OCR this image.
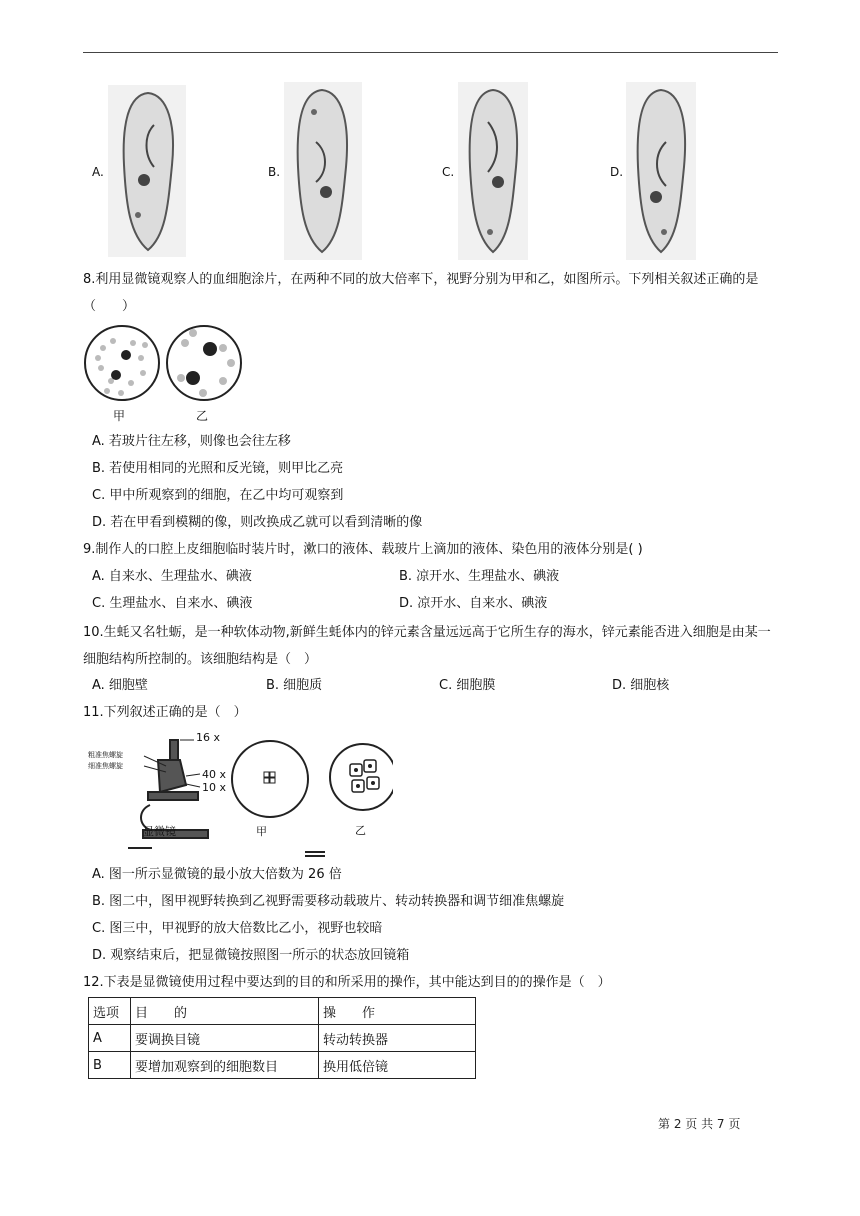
A.	B.	C.	D.
8.利用显微镜观察人的血细胞涂片，在两种不同的放大倍率下，视野分别为甲和乙，如图所示。下列相关叙述正确的是（　　）
甲	乙
A. 若玻片往左移，则像也会往左移
B. 若使用相同的光照和反光镜，则甲比乙亮
C. 甲中所观察到的细胞，在乙中均可观察到
D. 若在甲看到模糊的像，则改换成乙就可以看到清晰的像
9.制作人的口腔上皮细胞临时装片时，漱口的液体、载玻片上滴加的液体、染色用的液体分别是( )
A. 自来水、生理盐水、碘液	B. 凉开水、生理盐水、碘液
C. 生理盐水、自来水、碘液	D. 凉开水、自来水、碘液
10.生蚝又名牡蛎，是一种软体动物,新鲜生蚝体内的锌元素含量远远高于它所生存的海水，锌元素能否进入细胞是由某一细胞结构所控制的。该细胞结构是（　）
A. 细胞壁	B. 细胞质	C. 细胞膜	D. 细胞核
11.下列叙述正确的是（　）
16 x
粗准焦螺旋
细准焦螺旋
40 x
10 x
显微镜	甲	乙
A. 图一所示显微镜的最小放大倍数为 26 倍
B. 图二中，图甲视野转换到乙视野需要移动载玻片、转动转换器和调节细准焦螺旋
C. 图三中，甲视野的放大倍数比乙小，视野也较暗
D. 观察结束后，把显微镜按照图一所示的状态放回镜箱
12.下表是显微镜使用过程中要达到的目的和所采用的操作，其中能达到目的的操作是（　）
选项	目　　的	操　　作
A	要调换目镜	转动转换器
B	要增加观察到的细胞数目	换用低倍镜
第 2 页 共 7 页
